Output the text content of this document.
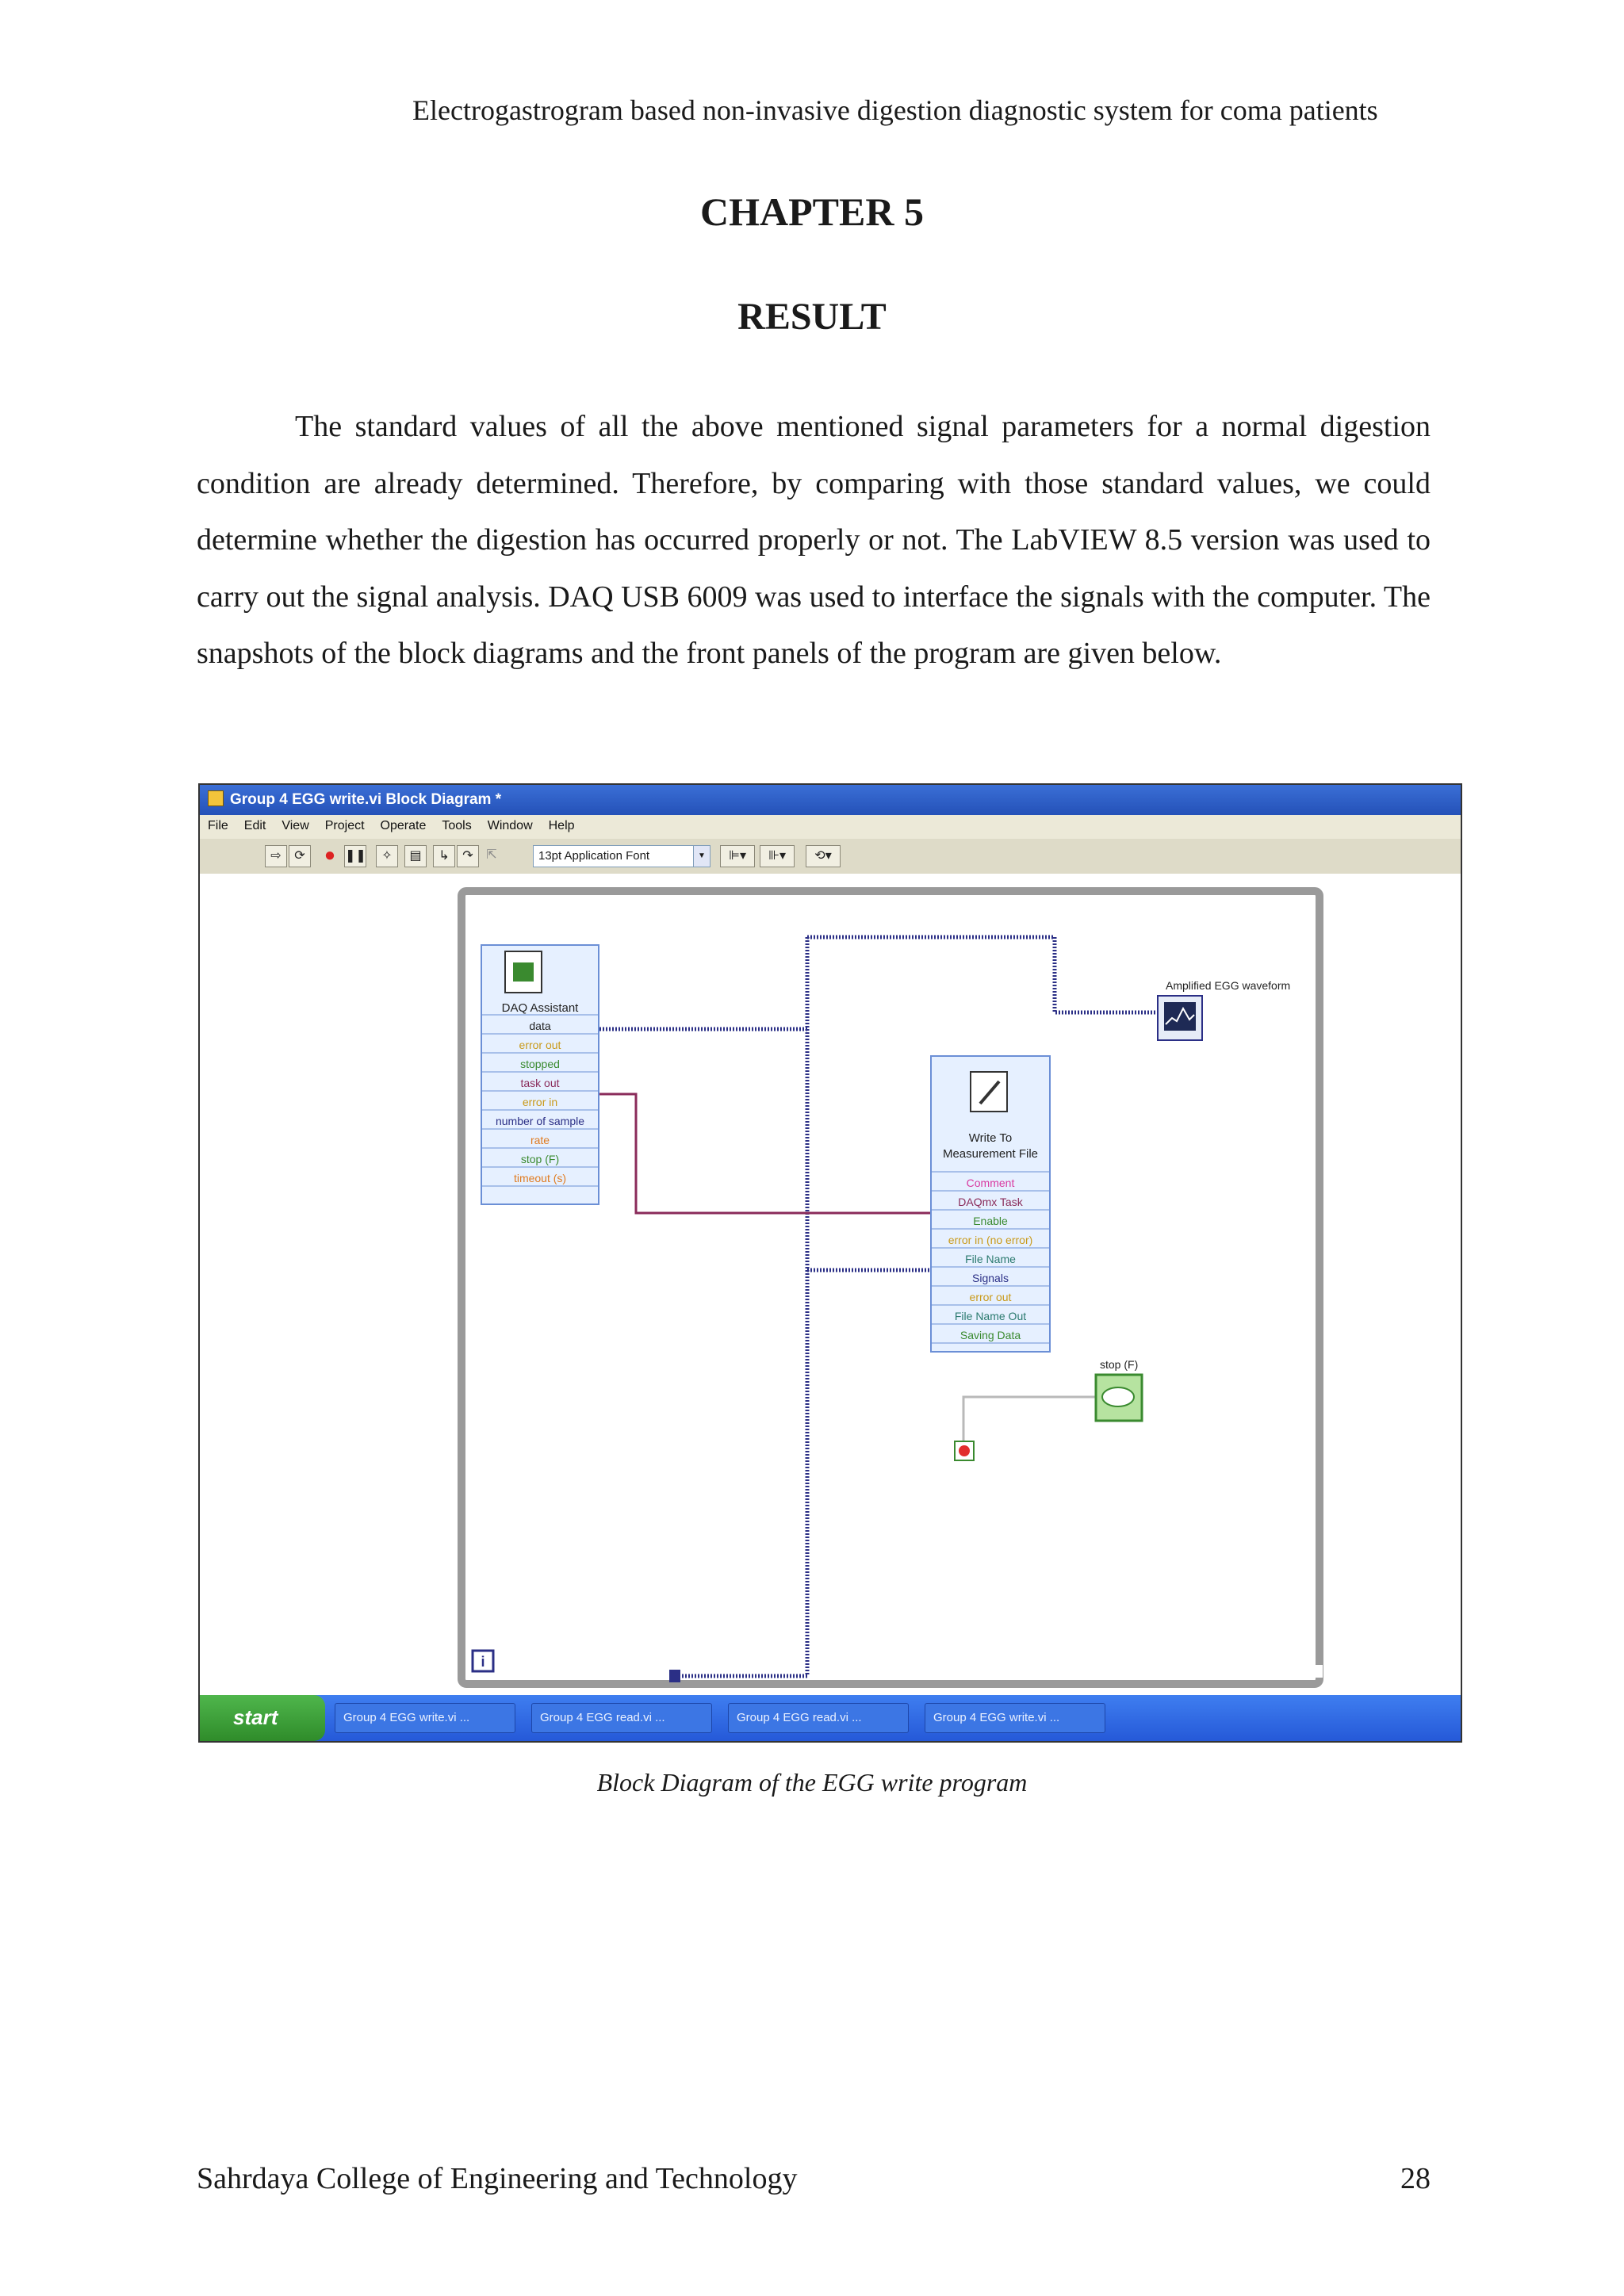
Electrogastrogram based non-invasive digestion diagnostic system for coma patients
CHAPTER 5
RESULT

The standard values of all the above mentioned signal parameters for a normal digestion condition are already determined. Therefore, by comparing with those standard values, we could determine whether the digestion has occurred properly or not. The LabVIEW 8.5 version was used to carry out the signal analysis. DAQ USB 6009 was used to interface the signals with the computer. The snapshots of the block diagrams and the front panels of the program are given below.

Group 4 EGG write.vi Block Diagram *
File Edit View Project Operate Tools Window Help
⇨	⟳	● ❚❚	✧	▤	↳	↷	⇱	13pt Application Font	▼	⊫▾	⊪▾	⟲▾
DAQ Assistant
data
error out
stopped
task out
error in
number of sample
rate
stop (F)
timeout (s)
Write To
Measurement File
Comment
DAQmx Task
Enable
error in (no error)
File Name
Signals
error out
File Name Out
Saving Data
Amplified EGG waveform
stop (F)
i
start	Group 4 EGG write.vi ...	Group 4 EGG read.vi ...	Group 4 EGG read.vi ...	Group 4 EGG write.vi ...
Block Diagram of the EGG write program
Sahrdaya College of Engineering and Technology	28
